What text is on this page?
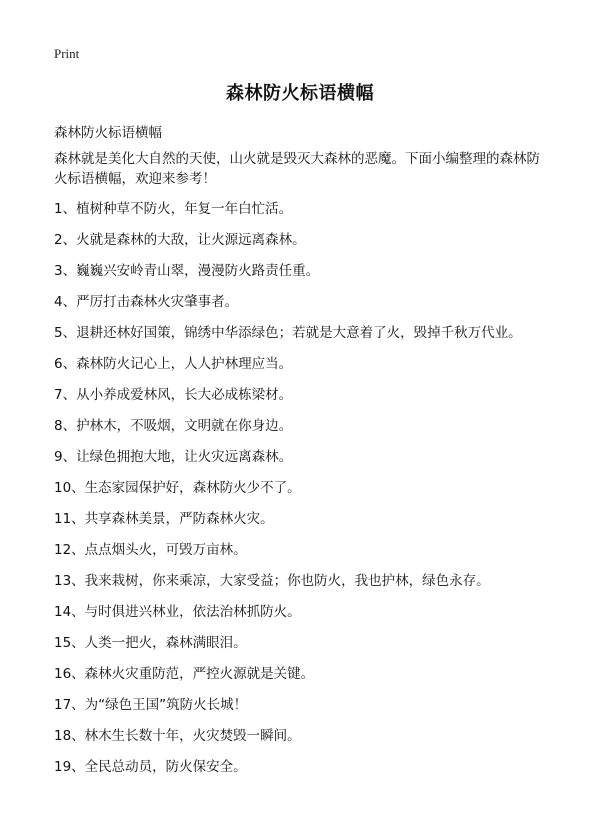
Print
森林防火标语横幅

森林防火标语横幅

森林就是美化大自然的天使，山火就是毁灭大森林的恶魔。下面小编整理的森林防火标语横幅，欢迎来参考！

1、植树种草不防火，年复一年白忙活。
2、火就是森林的大敌，让火源远离森林。
3、巍巍兴安岭青山翠，漫漫防火路责任重。
4、严厉打击森林火灾肇事者。
5、退耕还林好国策，锦绣中华添绿色；若就是大意着了火，毁掉千秋万代业。
6、森林防火记心上，人人护林理应当。
7、从小养成爱林风，长大必成栋梁材。
8、护林木，不吸烟，文明就在你身边。
9、让绿色拥抱大地，让火灾远离森林。
10、生态家园保护好，森林防火少不了。
11、共享森林美景，严防森林火灾。
12、点点烟头火，可毁万亩林。
13、我来栽树，你来乘凉，大家受益；你也防火，我也护林，绿色永存。
14、与时俱进兴林业，依法治林抓防火。
15、人类一把火，森林满眼泪。
16、森林火灾重防范，严控火源就是关键。
17、为“绿色王国”筑防火长城！
18、林木生长数十年，火灾焚毁一瞬间。
19、全民总动员，防火保安全。
